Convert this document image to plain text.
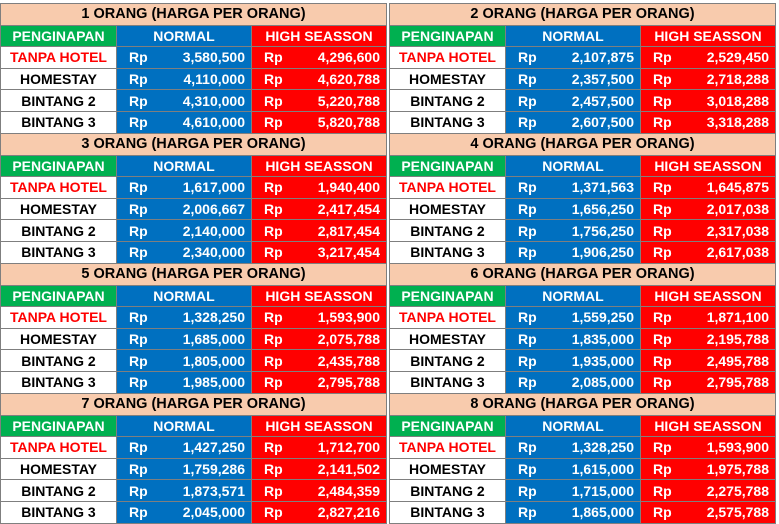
1 ORANG (HARGA PER ORANG)		
PENGINAPAN	NORMAL	HIGH SEASSON
TANPA HOTEL	Rp 3,580,500	Rp 4,296,600

HOMESTAY	Rp 4,110,000	Rp 4,620,788

BINTANG 2	Rp 4,310,000	Rp 5,220,788

BINTANG 3	Rp 4,610,000	Rp 5,820,788
2 ORANG (HARGA PER ORANG)		
PENGINAPAN	NORMAL	HIGH SEASSON
TANPA HOTEL	Rp 2,107,875	Rp 2,529,450

HOMESTAY	Rp 2,357,500	Rp 2,718,288

BINTANG 2	Rp 2,457,500	Rp 3,018,288

BINTANG 3	Rp 2,607,500	Rp 3,318,288
3 ORANG (HARGA PER ORANG)		
PENGINAPAN	NORMAL	HIGH SEASSON
TANPA HOTEL	Rp 1,617,000	Rp 1,940,400

HOMESTAY	Rp 2,006,667	Rp 2,417,454

BINTANG 2	Rp 2,140,000	Rp 2,817,454

BINTANG 3	Rp 2,340,000	Rp 3,217,454
4 ORANG (HARGA PER ORANG)		
PENGINAPAN	NORMAL	HIGH SEASSON
TANPA HOTEL	Rp 1,371,563	Rp 1,645,875

HOMESTAY	Rp 1,656,250	Rp 2,017,038

BINTANG 2	Rp 1,756,250	Rp 2,317,038

BINTANG 3	Rp 1,906,250	Rp 2,617,038
5 ORANG (HARGA PER ORANG)		
PENGINAPAN	NORMAL	HIGH SEASSON
TANPA HOTEL	Rp 1,328,250	Rp 1,593,900

HOMESTAY	Rp 1,685,000	Rp 2,075,788

BINTANG 2	Rp 1,805,000	Rp 2,435,788

BINTANG 3	Rp 1,985,000	Rp 2,795,788
6 ORANG (HARGA PER ORANG)		
PENGINAPAN	NORMAL	HIGH SEASSON
TANPA HOTEL	Rp 1,559,250	Rp 1,871,100

HOMESTAY	Rp 1,835,000	Rp 2,195,788

BINTANG 2	Rp 1,935,000	Rp 2,495,788

BINTANG 3	Rp 2,085,000	Rp 2,795,788
7 ORANG (HARGA PER ORANG)		
PENGINAPAN	NORMAL	HIGH SEASSON
TANPA HOTEL	Rp 1,427,250	Rp 1,712,700

HOMESTAY	Rp 1,759,286	Rp 2,141,502

BINTANG 2	Rp 1,873,571	Rp 2,484,359

BINTANG 3	Rp 2,045,000	Rp 2,827,216
8 ORANG (HARGA PER ORANG)		
PENGINAPAN	NORMAL	HIGH SEASSON
TANPA HOTEL	Rp 1,328,250	Rp 1,593,900

HOMESTAY	Rp 1,615,000	Rp 1,975,788

BINTANG 2	Rp 1,715,000	Rp 2,275,788

BINTANG 3	Rp 1,865,000	Rp 2,575,788
